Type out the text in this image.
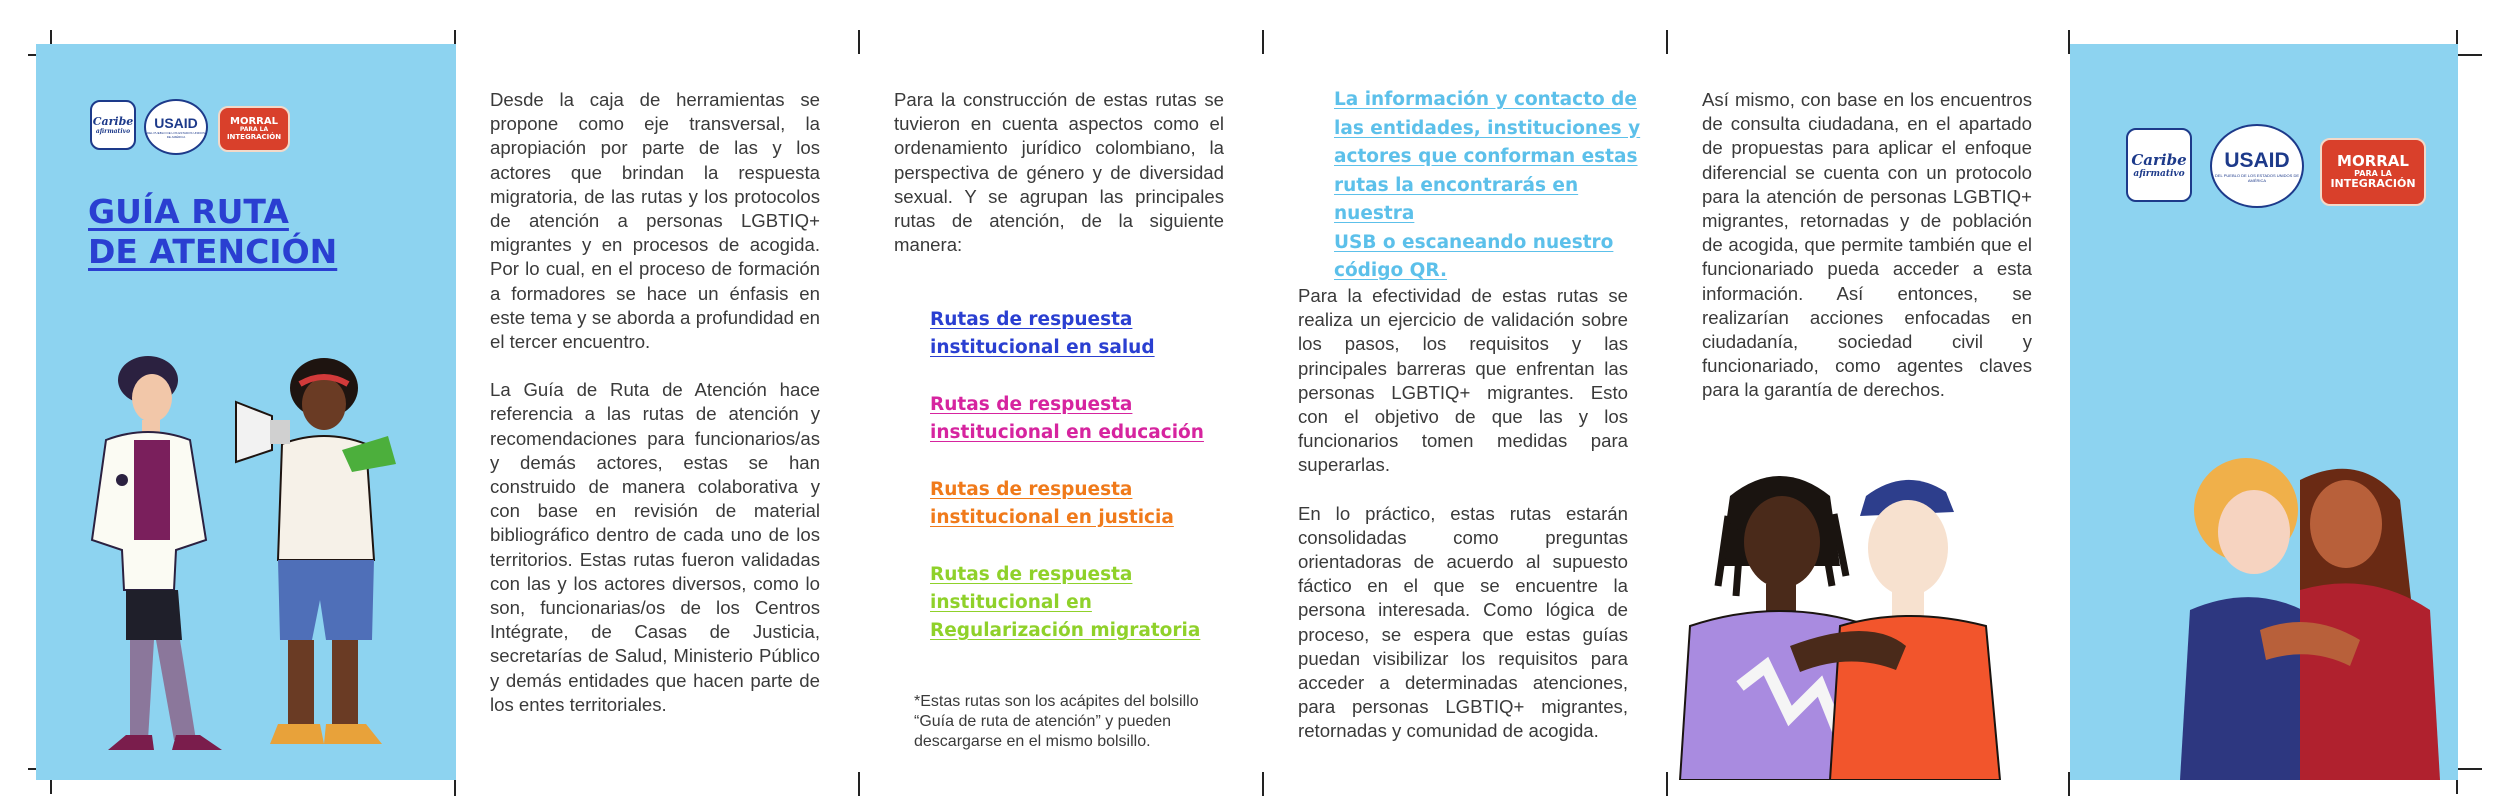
Caribe
afirmativo
USAID
DEL PUEBLO DE LOS ESTADOS UNIDOS DE AMÉRICA
MORRAL
PARA LA
INTEGRACIÓN
GUÍA RUTA
DE ATENCIÓN

Desde la caja de herramientas se propone como eje transversal, la apropiación por parte de las y los actores que brindan la respuesta migratoria, de las rutas y los protocolos de atención a personas LGBTIQ+ migrantes y en procesos de acogida. Por lo cual, en el proceso de formación a formadores se hace un énfasis en este tema y se aborda a profundidad en el tercer encuentro.

La Guía de Ruta de Atención hace referencia a las rutas de atención y recomendaciones para funcionarios/as y demás actores, estas se han construido de manera colaborativa y con base en revisión de material bibliográfico dentro de cada uno de los territorios. Estas rutas fueron validadas con las y los actores diversos, como lo son, funcionarias/os de los Centros Intégrate, de Casas de Justicia, secretarías de Salud, Ministerio Público y demás entidades que hacen parte de los entes territoriales.

Para la construcción de estas rutas se tuvieron en cuenta aspectos como el ordenamiento jurídico colombiano, la perspectiva de género y de diversidad sexual. Y se agrupan las principales rutas de atención, de la siguiente manera:

Rutas de respuesta
institucional en salud
Rutas de respuesta
institucional en educación
Rutas de respuesta
institucional en justicia
Rutas de respuesta
institucional en
Regularización migratoria
*Estas rutas son los acápites del bolsillo
“Guía de ruta de atención” y pueden
descargarse en el mismo bolsillo.
La información y contacto de
las entidades, instituciones y
actores que conforman estas
rutas la encontrarás en nuestra
USB o escaneando nuestro
código QR.

Para la efectividad de estas rutas se realiza un ejercicio de validación sobre los pasos, los requisitos y las principales barreras que enfrentan las personas LGBTIQ+ migrantes. Esto con el objetivo de que las y los funcionarios tomen medidas para superarlas.

En lo práctico, estas rutas estarán consolidadas como preguntas orientadoras de acuerdo al supuesto fáctico en el que se encuentre la persona interesada. Como lógica de proceso, se espera que estas guías puedan visibilizar los requisitos para acceder a determinadas atenciones, para personas LGBTIQ+ migrantes, retornadas y comunidad de acogida.

Así mismo, con base en los encuentros de consulta ciudadana, en el apartado de propuestas para aplicar el enfoque diferencial se cuenta con un protocolo para la atención de personas LGBTIQ+ migrantes, retornadas y de población de acogida, que permite también que el funcionariado pueda acceder a esta información. Así entonces, se realizarían acciones enfocadas en ciudadanía, sociedad civil y funcionariado, como agentes claves para la garantía de derechos.

Caribe
afirmativo
USAID
DEL PUEBLO DE LOS ESTADOS UNIDOS DE AMÉRICA
MORRAL
PARA LA
INTEGRACIÓN
